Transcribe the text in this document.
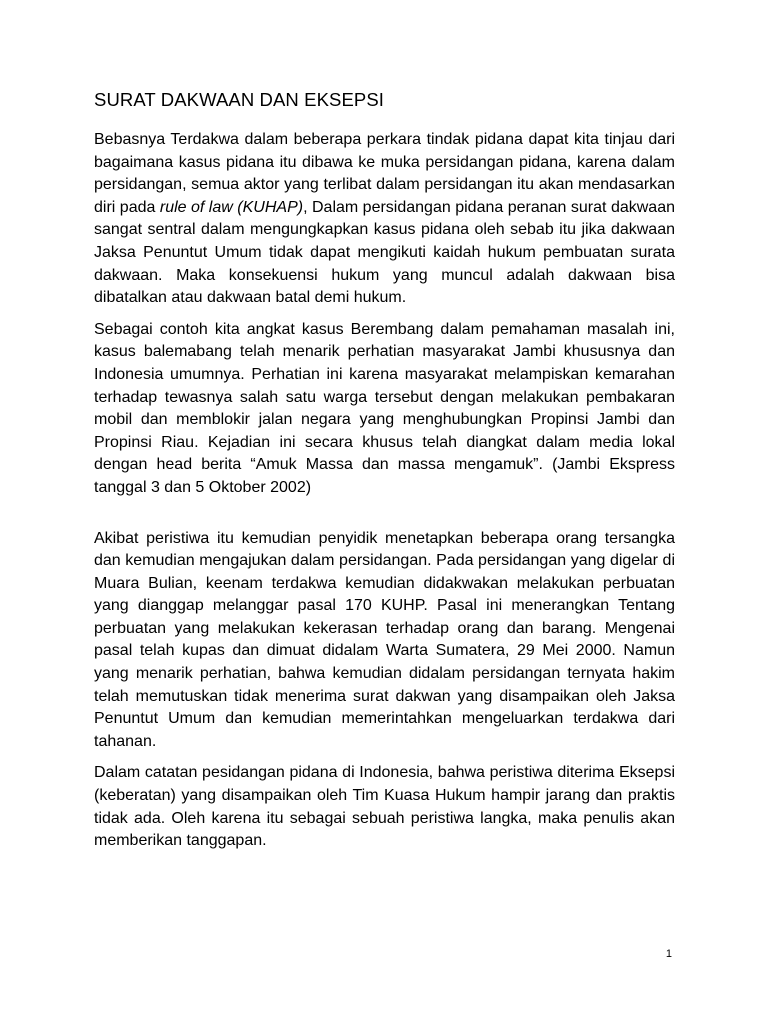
SURAT DAKWAAN DAN EKSEPSI

Bebasnya Terdakwa dalam beberapa perkara tindak pidana dapat kita tinjau dari bagaimana kasus pidana itu dibawa ke muka persidangan pidana, karena dalam persidangan, semua aktor yang terlibat dalam persidangan itu akan mendasarkan diri pada rule of law (KUHAP), Dalam persidangan pidana peranan surat dakwaan sangat sentral dalam mengungkapkan kasus pidana oleh sebab itu jika dakwaan Jaksa Penuntut Umum tidak dapat mengikuti kaidah hukum pembuatan surata dakwaan. Maka konsekuensi hukum yang muncul adalah dakwaan bisa dibatalkan atau dakwaan batal demi hukum.

Sebagai contoh kita angkat kasus Berembang dalam pemahaman masalah ini, kasus balemabang telah menarik perhatian masyarakat Jambi khususnya dan Indonesia umumnya. Perhatian ini karena masyarakat melampiskan kemarahan terhadap tewasnya salah satu warga tersebut dengan melakukan pembakaran mobil dan memblokir jalan negara yang menghubungkan Propinsi Jambi dan Propinsi Riau. Kejadian ini secara khusus telah diangkat dalam media lokal dengan head berita “Amuk Massa dan massa mengamuk”. (Jambi Ekspress tanggal 3 dan 5 Oktober 2002)

Akibat peristiwa itu kemudian penyidik menetapkan beberapa orang tersangka dan kemudian mengajukan dalam persidangan. Pada persidangan yang digelar di Muara Bulian, keenam terdakwa kemudian didakwakan melakukan perbuatan yang dianggap melanggar pasal 170 KUHP. Pasal ini menerangkan Tentang perbuatan yang melakukan kekerasan terhadap orang dan barang. Mengenai pasal telah kupas dan dimuat didalam Warta Sumatera, 29 Mei 2000. Namun yang menarik perhatian, bahwa kemudian didalam persidangan ternyata hakim telah memutuskan tidak menerima surat dakwan yang disampaikan oleh Jaksa Penuntut Umum dan kemudian memerintahkan mengeluarkan terdakwa dari tahanan.

Dalam catatan pesidangan pidana di Indonesia, bahwa peristiwa diterima Eksepsi (keberatan) yang disampaikan oleh Tim Kuasa Hukum hampir jarang dan praktis tidak ada. Oleh karena itu sebagai sebuah peristiwa langka, maka penulis akan memberikan tanggapan.

1
